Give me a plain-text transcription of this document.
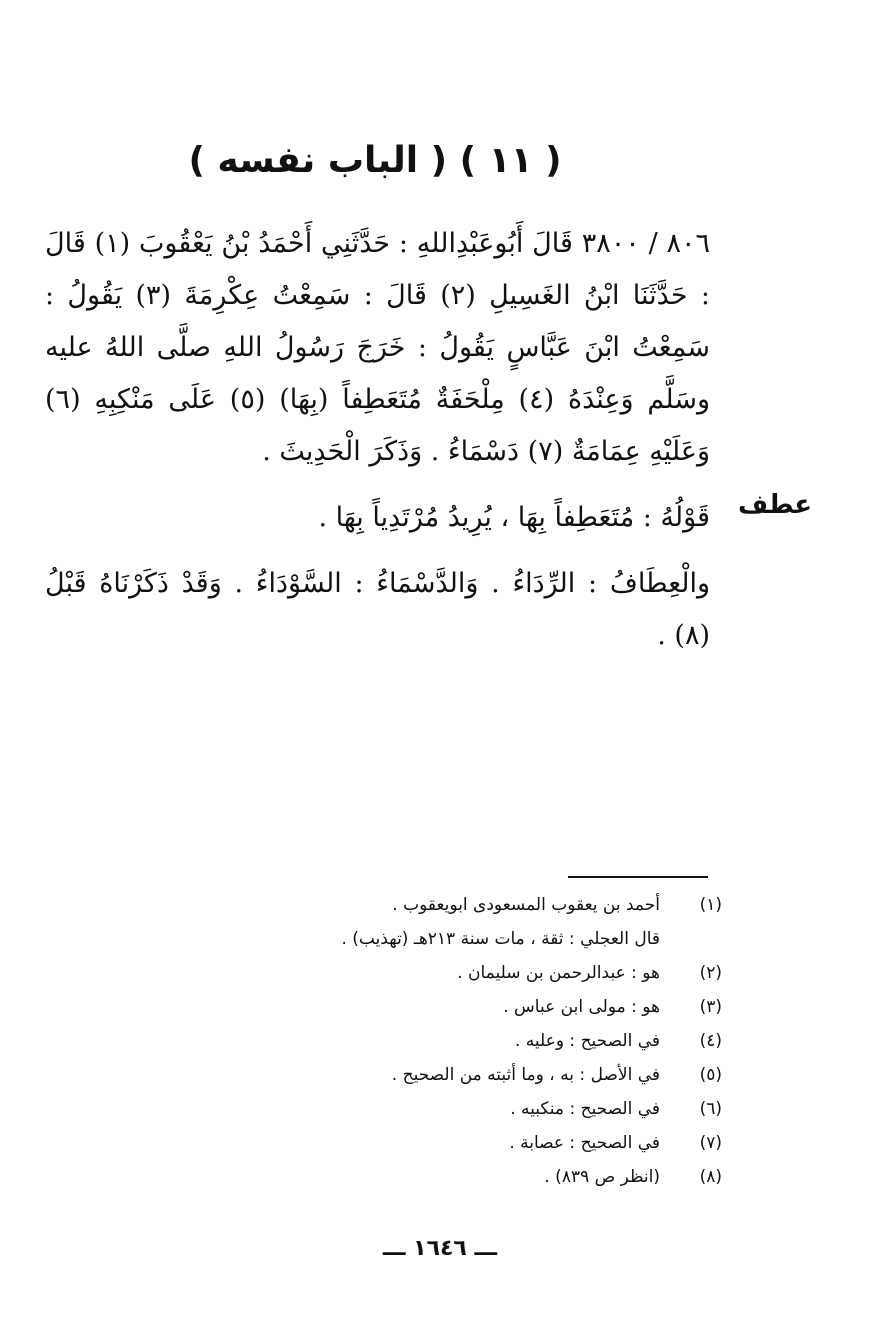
( ١١ ) ( الباب نفسه )
عطف

٨٠٦ / ٣٨٠٠ قَالَ أَبُوعَبْدِاللهِ : حَدَّثَنِي أَحْمَدُ بْنُ يَعْقُوبَ (١) قَالَ : حَدَّثَنَا ابْنُ الغَسِيلِ (٢) قَالَ : سَمِعْتُ عِكْرِمَةَ (٣) يَقُولُ : سَمِعْتُ ابْنَ عَبَّاسٍ يَقُولُ : خَرَجَ رَسُولُ اللهِ صلَّى اللهُ عليه وسَلَّم وَعِنْدَهُ (٤) مِلْحَفَةٌ مُتَعَطِفاً (بِهَا) (٥) عَلَى مَنْكِبِهِ (٦) وَعَلَيْهِ عِمَامَةٌ (٧) دَسْمَاءُ . وَذَكَرَ الْحَدِيثَ .

قَوْلُهُ : مُتَعَطِفاً بِهَا ، يُرِيدُ مُرْتَدِياً بِهَا .

والْعِطَافُ : الرِّدَاءُ . وَالدَّسْمَاءُ : السَّوْدَاءُ . وَقَدْ ذَكَرْنَاهُ قَبْلُ (٨) .

(١)
أحمد بن يعقوب المسعودى ابويعقوب .
قال العجلي : ثقة ، مات سنة ٢١٣هـ (تهذيب) .
(٢)
هو : عبدالرحمن بن سليمان .
(٣)
هو : مولى ابن عباس .
(٤)
في الصحيح : وعليه .
(٥)
في الأصل : به ، وما أثبته من الصحيح .
(٦)
في الصحيح : منكبيه .
(٧)
في الصحيح : عصابة .
(٨)
(انظر ص ٨٣٩) .
ـــ ١٦٤٦ ـــ
